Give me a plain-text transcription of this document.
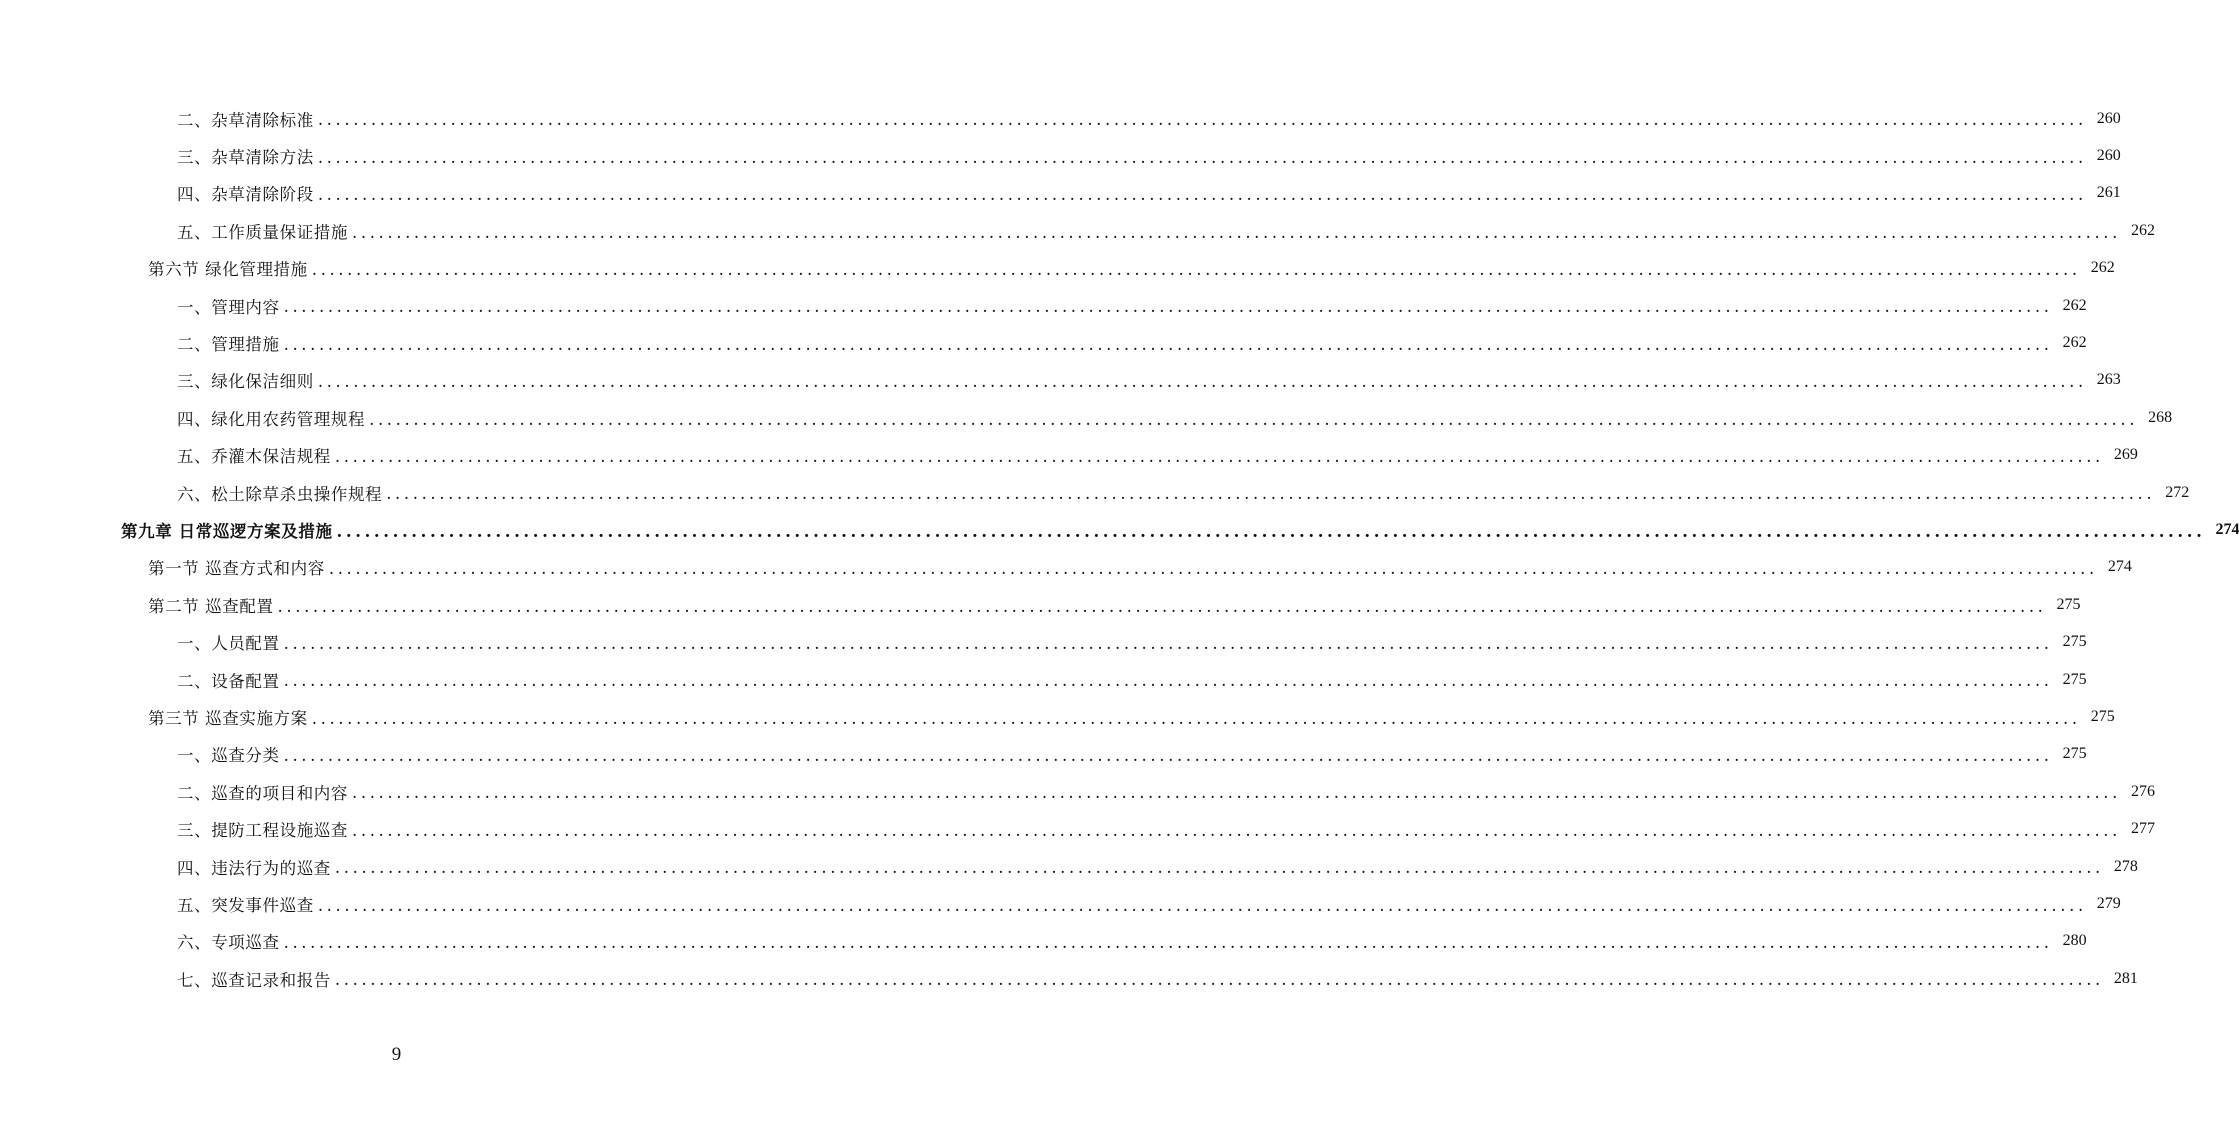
二、杂草清除标准 ........................................................................................................................................................................................................ 260
三、杂草清除方法 ........................................................................................................................................................................................................ 260
四、杂草清除阶段 ........................................................................................................................................................................................................ 261
五、工作质量保证措施 ........................................................................................................................................................................................................ 262
第六节 绿化管理措施 ........................................................................................................................................................................................................ 262
一、管理内容 ........................................................................................................................................................................................................ 262
二、管理措施 ........................................................................................................................................................................................................ 262
三、绿化保洁细则 ........................................................................................................................................................................................................ 263
四、绿化用农药管理规程 ........................................................................................................................................................................................................ 268
五、乔灌木保洁规程 ........................................................................................................................................................................................................ 269
六、松土除草杀虫操作规程 ........................................................................................................................................................................................................ 272
第九章 日常巡逻方案及措施 ........................................................................................................................................................................................................ 274
第一节 巡查方式和内容 ........................................................................................................................................................................................................ 274
第二节 巡查配置 ........................................................................................................................................................................................................ 275
一、人员配置 ........................................................................................................................................................................................................ 275
二、设备配置 ........................................................................................................................................................................................................ 275
第三节 巡查实施方案 ........................................................................................................................................................................................................ 275
一、巡查分类 ........................................................................................................................................................................................................ 275
二、巡查的项目和内容 ........................................................................................................................................................................................................ 276
三、提防工程设施巡查 ........................................................................................................................................................................................................ 277
四、违法行为的巡查 ........................................................................................................................................................................................................ 278
五、突发事件巡查 ........................................................................................................................................................................................................ 279
六、专项巡查 ........................................................................................................................................................................................................ 280
七、巡查记录和报告 ........................................................................................................................................................................................................ 281
9
